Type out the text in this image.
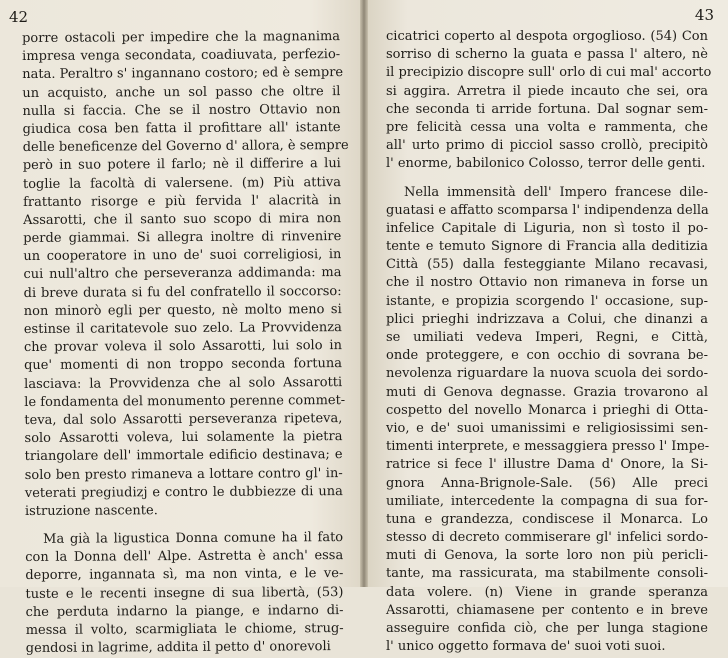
42
porre ostacoli per impedire che la magnanima
impresa venga secondata, coadiuvata, perfezio-
nata. Peraltro s' ingannano costoro; ed è sempre
un acquisto, anche un sol passo che oltre il
nulla si faccia. Che se il nostro Ottavio non
giudica cosa ben fatta il profittare all' istante
delle beneficenze del Governo d' allora, è sempre
però in suo potere il farlo; nè il differire a lui
toglie la facoltà di valersene. (m) Più attiva
frattanto risorge e più fervida l' alacrità in
Assarotti, che il santo suo scopo di mira non
perde giammai. Si allegra inoltre di rinvenire
un cooperatore in uno de' suoi correligiosi, in
cui null'altro che perseveranza addimanda: ma
di breve durata si fu del confratello il soccorso:
non minorò egli per questo, nè molto meno si
estinse il caritatevole suo zelo. La Provvidenza
che provar voleva il solo Assarotti, lui solo in
que' momenti di non troppo seconda fortuna
lasciava: la Provvidenza che al solo Assarotti
le fondamenta del monumento perenne commet-
teva, dal solo Assarotti perseveranza ripeteva,
solo Assarotti voleva, lui solamente la pietra
triangolare dell' immortale edificio destinava; e
solo ben presto rimaneva a lottare contro gl' in-
veterati pregiudizj e contro le dubbiezze di una
istruzione nascente.
Ma già la ligustica Donna comune ha il fato
con la Donna dell' Alpe. Astretta è anch' essa
deporre, ingannata sì, ma non vinta, e le ve-
tuste e le recenti insegne di sua libertà, (53)
che perduta indarno la piange, e indarno di-
messa il volto, scarmigliata le chiome, strug-
gendosi in lagrime, addita il petto d' onorevoli
43
cicatrici coperto al despota orgoglioso. (54) Con
sorriso di scherno la guata e passa l' altero, nè
il precipizio discopre sull' orlo di cui mal' accorto
si aggira. Arretra il piede incauto che sei, ora
che seconda ti arride fortuna. Dal sognar sem-
pre felicità cessa una volta e rammenta, che
all' urto primo di picciol sasso crollò, precipitò
l' enorme, babilonico Colosso, terror delle genti.
Nella immensità dell' Impero francese dile-
guatasi e affatto scomparsa l' indipendenza della
infelice Capitale di Liguria, non sì tosto il po-
tente e temuto Signore di Francia alla deditizia
Città (55) dalla festeggiante Milano recavasi,
che il nostro Ottavio non rimaneva in forse un
istante, e propizia scorgendo l' occasione, sup-
plici prieghi indrizzava a Colui, che dinanzi a
se umiliati vedeva Imperi, Regni, e Città,
onde proteggere, e con occhio di sovrana be-
nevolenza riguardare la nuova scuola dei sordo-
muti di Genova degnasse. Grazia trovarono al
cospetto del novello Monarca i prieghi di Otta-
vio, e de' suoi umanissimi e religiosissimi sen-
timenti interprete, e messaggiera presso l' Impe-
ratrice si fece l' illustre Dama d' Onore, la Si-
gnora Anna-Brignole-Sale. (56) Alle preci
umiliate, intercedente la compagna di sua for-
tuna e grandezza, condiscese il Monarca. Lo
stesso di decreto commiserare gl' infelici sordo-
muti di Genova, la sorte loro non più pericli-
tante, ma rassicurata, ma stabilmente consoli-
data volere. (n) Viene in grande speranza
Assarotti, chiamasene per contento e in breve
asseguire confida ciò, che per lunga stagione
l' unico oggetto formava de' suoi voti suoi.
